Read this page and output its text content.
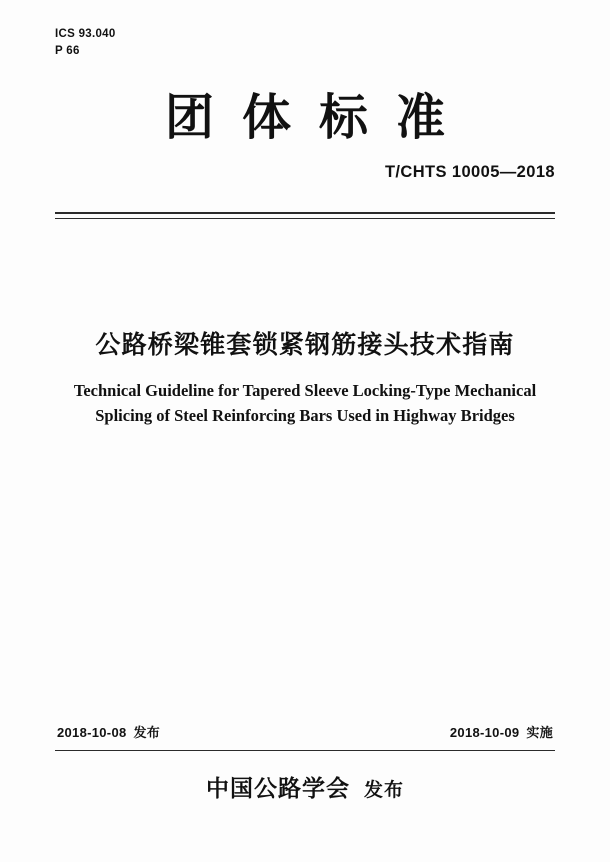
ICS 93.040
P 66
团体标准
T/CHTS 10005—2018
公路桥梁锥套锁紧钢筋接头技术指南
Technical Guideline for Tapered Sleeve Locking-Type Mechanical
Splicing of Steel Reinforcing Bars Used in Highway Bridges
2018-10-08 发布	2018-10-09 实施
中国公路学会 发布
